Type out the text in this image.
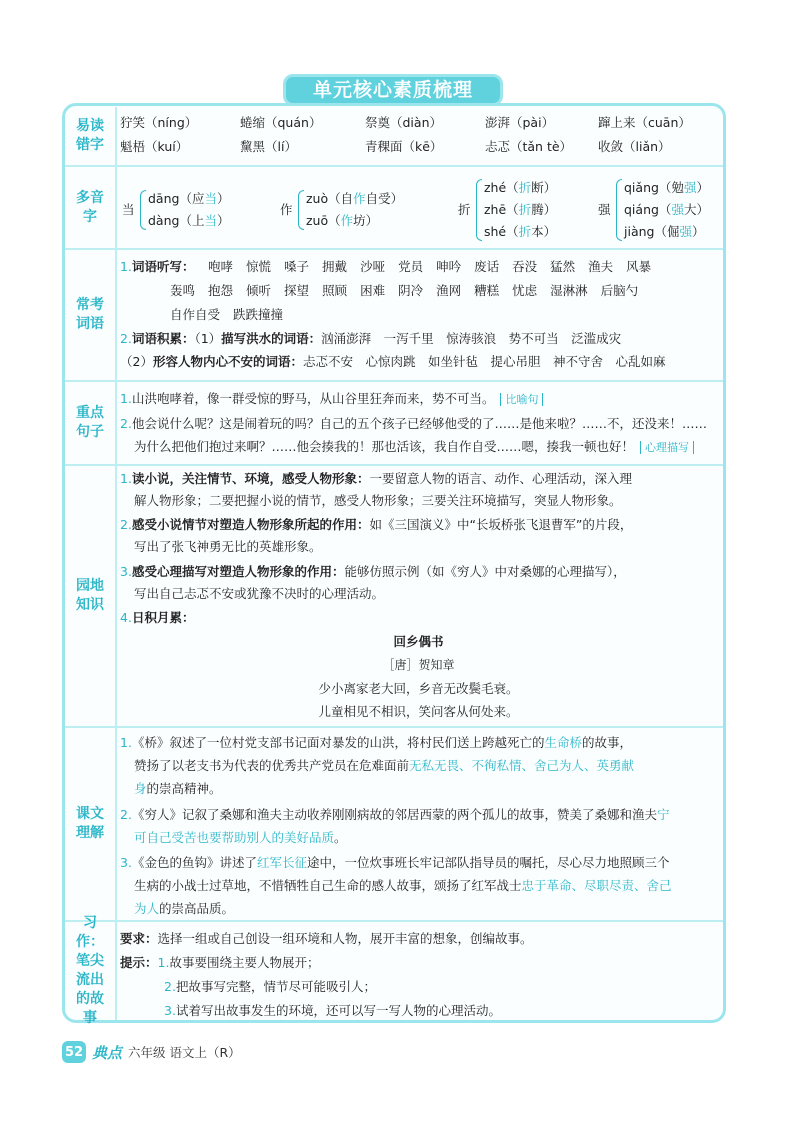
单元核心素质梳理
易读错字
狞笑（níng）	蜷缩（quán）	祭奠（diàn）	澎湃（pài）	蹿上来（cuān）
魁梧（kuí）	黧黑（lí）	青稞面（kē）	忐忑（tǎn tè） 收敛（liǎn）
多音字	当
dāng（应当）
dàng（上当）
作
zuò（自作自受）
zuō（作坊）
折
zhé（折断）
zhē（折腾）
shé（折本）
强
qiǎng（勉强）
qiáng（强大）
jiàng（倔强）
常考词语
1.词语听写： 咆哮 惊慌 嗓子 拥戴 沙哑 党员 呻吟 废话 吞没 猛然 渔夫 风暴
轰鸣 抱怨 倾听 探望 照顾 困难 阴冷 渔网 糟糕 忧虑 湿淋淋 后脑勺
自作自受 跌跌撞撞
2.词语积累：（1）描写洪水的词语：汹涌澎湃　一泻千里　惊涛骇浪　势不可当　泛滥成灾
（2）形容人物内心不安的词语：忐忑不安　心惊肉跳　如坐针毡　提心吊胆　神不守舍　心乱如麻
重点句子
1.山洪咆哮着，像一群受惊的野马，从山谷里狂奔而来，势不可当。 比喻句
2.他会说什么呢？这是闹着玩的吗？自己的五个孩子已经够他受的了……是他来啦？……不，还没来！……
为什么把他们抱过来啊？……他会揍我的！那也活该，我自作自受……嗯，揍我一顿也好！ 心理描写
园地知识
1.读小说，关注情节、环境，感受人物形象：一要留意人物的语言、动作、心理活动，深入理
解人物形象；二要把握小说的情节，感受人物形象；三要关注环境描写，突显人物形象。
2.感受小说情节对塑造人物形象所起的作用：如《三国演义》中“长坂桥张飞退曹军”的片段，
写出了张飞神勇无比的英雄形象。
3.感受心理描写对塑造人物形象的作用：能够仿照示例（如《穷人》中对桑娜的心理描写），
写出自己忐忑不安或犹豫不决时的心理活动。
4.日积月累：
回乡偶书
［唐］贺知章
少小离家老大回，乡音无改鬓毛衰。
儿童相见不相识，笑问客从何处来。
课文理解
1.《桥》叙述了一位村党支部书记面对暴发的山洪，将村民们送上跨越死亡的生命桥的故事，
赞扬了以老支书为代表的优秀共产党员在危难面前无私无畏、不徇私情、舍己为人、英勇献
身的崇高精神。
2.《穷人》记叙了桑娜和渔夫主动收养刚刚病故的邻居西蒙的两个孤儿的故事，赞美了桑娜和渔夫宁
可自己受苦也要帮助别人的美好品质。
3.《金色的鱼钩》讲述了红军长征途中，一位炊事班长牢记部队指导员的嘱托，尽心尽力地照顾三个
生病的小战士过草地，不惜牺牲自己生命的感人故事，颂扬了红军战士忠于革命、尽职尽责、舍己
为人的崇高品质。
习作：笔尖流出的故事
要求：选择一组或自己创设一组环境和人物，展开丰富的想象，创编故事。
提示：1.故事要围绕主要人物展开；
2.把故事写完整，情节尽可能吸引人；
3.试着写出故事发生的环境，还可以写一写人物的心理活动。
52 典点 六年级 语文上（R）
